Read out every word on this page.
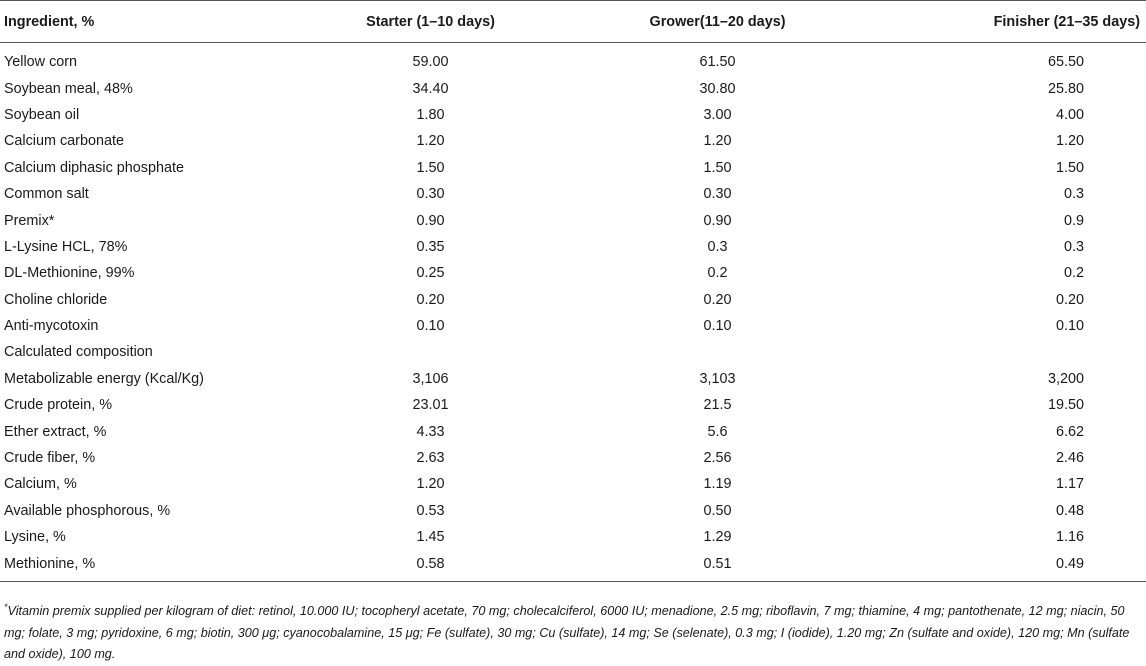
Ingredient, %	Starter (1–10 days)	Grower(11–20 days)	Finisher (21–35 days)
Yellow corn	59.00	61.50	65.50
Soybean meal, 48%	34.40	30.80	25.80
Soybean oil	1.80	3.00	4.00
Calcium carbonate	1.20	1.20	1.20
Calcium diphasic phosphate	1.50	1.50	1.50
Common salt	0.30	0.30	0.3
Premix*	0.90	0.90	0.9
L-Lysine HCL, 78%	0.35	0.3	0.3
DL-Methionine, 99%	0.25	0.2	0.2
Choline chloride	0.20	0.20	0.20
Anti-mycotoxin	0.10	0.10	0.10
Calculated composition			
Metabolizable energy (Kcal/Kg)	3,106	3,103	3,200
Crude protein, %	23.01	21.5	19.50
Ether extract, %	4.33	5.6	6.62
Crude fiber, %	2.63	2.56	2.46
Calcium, %	1.20	1.19	1.17
Available phosphorous, %	0.53	0.50	0.48
Lysine, %	1.45	1.29	1.16
Methionine, %	0.58	0.51	0.49
*Vitamin premix supplied per kilogram of diet: retinol, 10.000 IU; tocopheryl acetate, 70 mg; cholecalciferol, 6000 IU; menadione, 2.5 mg; riboflavin, 7 mg; thiamine, 4 mg; pantothenate, 12 mg; niacin, 50 mg; folate, 3 mg; pyridoxine, 6 mg; biotin, 300 μg; cyanocobalamine, 15 μg; Fe (sulfate), 30 mg; Cu (sulfate), 14 mg; Se (selenate), 0.3 mg; I (iodide), 1.20 mg; Zn (sulfate and oxide), 120 mg; Mn (sulfate and oxide), 100 mg.
